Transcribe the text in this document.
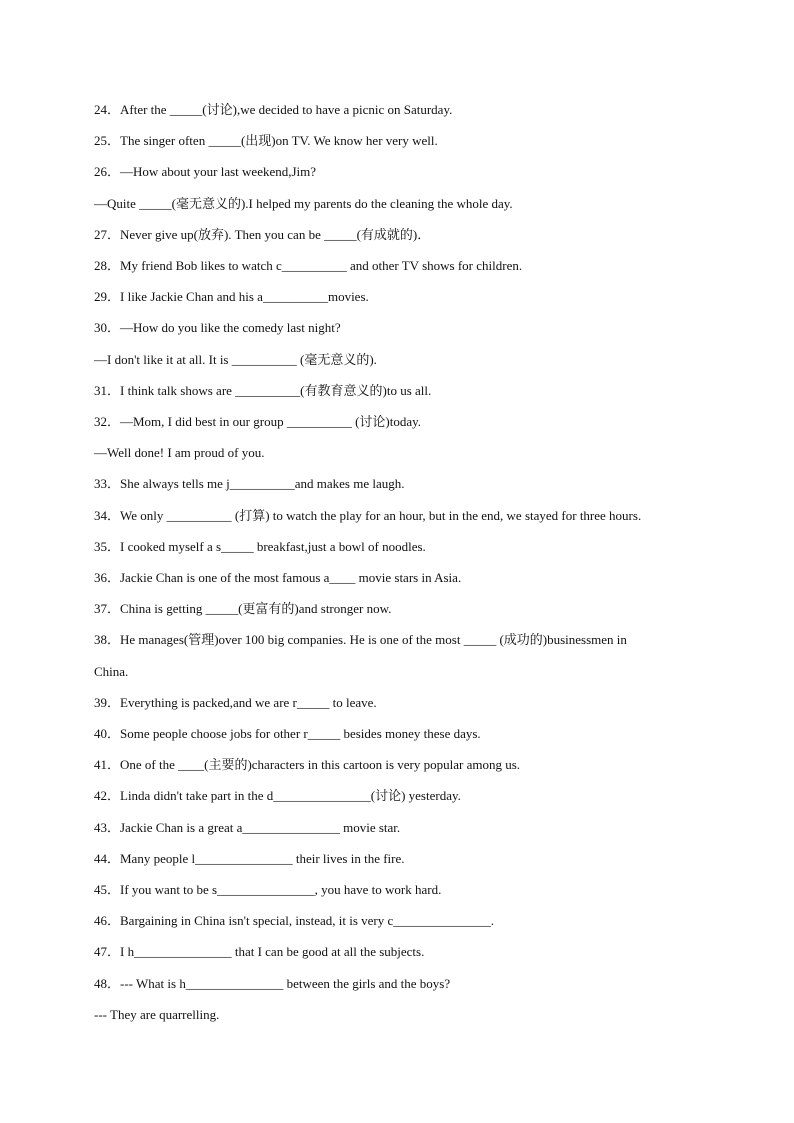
24．After the _____(讨论),we decided to have a picnic on Saturday.
25．The singer often _____(出现)on TV. We know her very well.
26．—How about your last weekend,Jim?
—Quite _____(毫无意义的).I helped my parents do the cleaning the whole day.
27．Never give up(放弃). Then you can be _____(有成就的)．
28．My friend Bob likes to watch c__________ and other TV shows for children.
29．I like Jackie Chan and his a__________movies.
30．—How do you like the comedy last night?
—I don't like it at all. It is __________ (毫无意义的).
31．I think talk shows are __________(有教育意义的)to us all.
32．—Mom, I did best in our group __________ (讨论)today.
—Well done! I am proud of you.
33．She always tells me j__________and makes me laugh.
34．We only __________ (打算) to watch the play for an hour, but in the end, we stayed for three hours.
35．I cooked myself a s_____ breakfast,just a bowl of noodles.
36．Jackie Chan is one of the most famous a____ movie stars in Asia.
37．China is getting _____(更富有的)and stronger now.
38．He manages(管理)over 100 big companies. He is one of the most _____ (成功的)businessmen in
China.
39．Everything is packed,and we are r_____ to leave.
40．Some people choose jobs for other r_____ besides money these days.
41．One of the ____(主要的)characters in this cartoon is very popular among us.
42．Linda didn't take part in the d_______________(讨论) yesterday.
43．Jackie Chan is a great a_______________ movie star.
44．Many people l_______________ their lives in the fire.
45．If you want to be s_______________, you have to work hard.
46．Bargaining in China isn't special, instead, it is very c_______________.
47．I h_______________ that I can be good at all the subjects.
48．--- What is h_______________ between the girls and the boys?
--- They are quarrelling.
